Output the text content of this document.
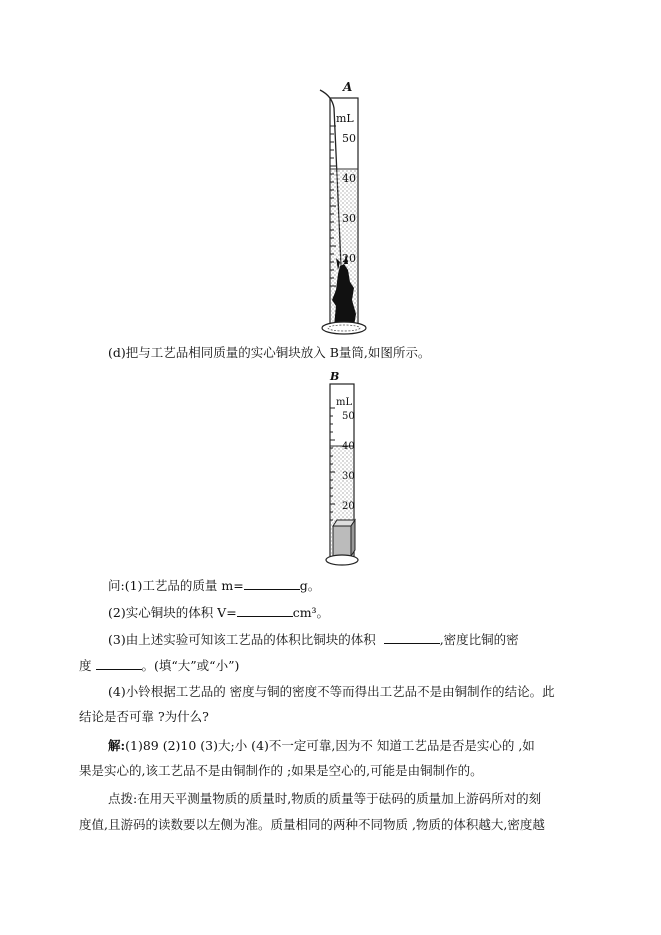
A
mL
50
40
30
20
(d)把与工艺品相同质量的实心铜块放入 B量筒,如图所示。
B
mL
50
40
30
20
问:(1)工艺品的质量 m=	g。
(2)实心铜块的体积 V=	cm³。
(3)由上述实验可知该工艺品的体积比铜块的体积	,密度比铜的密
度	。(填“大”或“小”)
(4)小铃根据工艺品的 密度与铜的密度不等而得出工艺品不是由铜制作的结论。此
结论是否可靠 ?为什么?
解:(1)89 (2)10 (3)大;小 (4)不一定可靠,因为不 知道工艺品是否是实心的 ,如
果是实心的,该工艺品不是由铜制作的 ;如果是空心的,可能是由铜制作的。
点拨:在用天平测量物质的质量时,物质的质量等于砝码的质量加上游码所对的刻
度值,且游码的读数要以左侧为准。质量相同的两种不同物质 ,物质的体积越大,密度越
